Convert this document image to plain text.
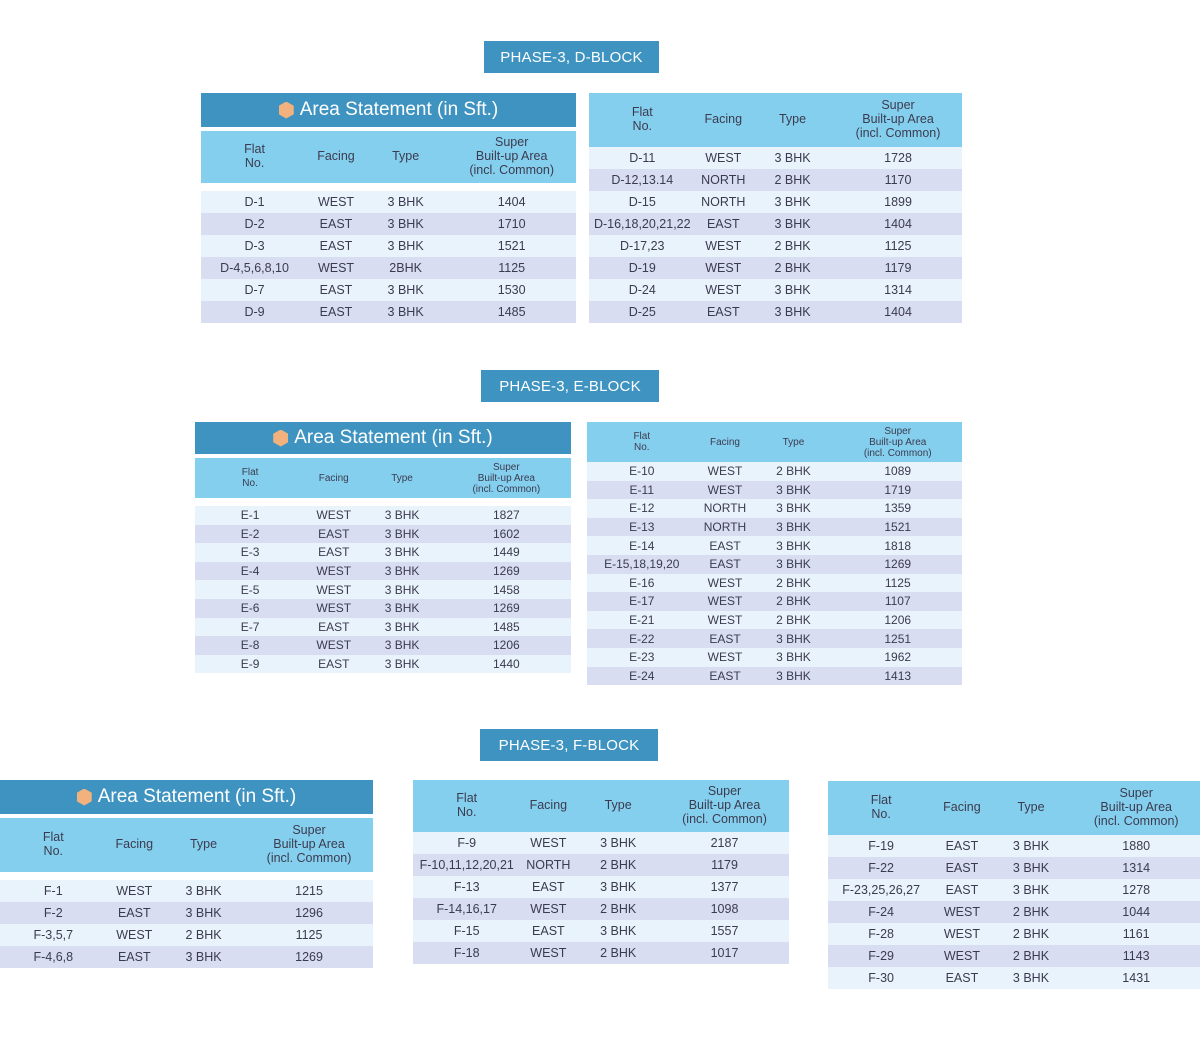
PHASE-3, D-BLOCK
PHASE-3, E-BLOCK
PHASE-3, F-BLOCK
Area Statement (in Sft.)
Flat
No.	Facing	Type
Super
Built-up Area
(incl. Common)
D-1	WEST	3 BHK	1404
D-2	EAST	3 BHK	1710
D-3	EAST	3 BHK	1521
D-4,5,6,8,10	WEST	2BHK	1125
D-7	EAST	3 BHK	1530
D-9	EAST	3 BHK	1485
Flat
No.	Facing	Type
Super
Built-up Area
(incl. Common)
D-11	WEST	3 BHK	1728
D-12,13.14	NORTH	2 BHK	1170
D-15	NORTH	3 BHK	1899
D-16,18,20,21,22	EAST	3 BHK	1404
D-17,23	WEST	2 BHK	1125
D-19	WEST	2 BHK	1179
D-24	WEST	3 BHK	1314
D-25	EAST	3 BHK	1404
Area Statement (in Sft.)
Flat
No.	Facing	Type
Super
Built-up Area
(incl. Common)
E-1	WEST	3 BHK	1827
E-2	EAST	3 BHK	1602
E-3	EAST	3 BHK	1449
E-4	WEST	3 BHK	1269
E-5	WEST	3 BHK	1458
E-6	WEST	3 BHK	1269
E-7	EAST	3 BHK	1485
E-8	WEST	3 BHK	1206
E-9	EAST	3 BHK	1440
Flat
No.	Facing	Type
Super
Built-up Area
(incl. Common)
E-10	WEST	2 BHK	1089
E-11	WEST	3 BHK	1719
E-12	NORTH	3 BHK	1359
E-13	NORTH	3 BHK	1521
E-14	EAST	3 BHK	1818
E-15,18,19,20	EAST	3 BHK	1269
E-16	WEST	2 BHK	1125
E-17	WEST	2 BHK	1107
E-21	WEST	2 BHK	1206
E-22	EAST	3 BHK	1251
E-23	WEST	3 BHK	1962
E-24	EAST	3 BHK	1413
Area Statement (in Sft.)
Flat
No.	Facing	Type
Super
Built-up Area
(incl. Common)
F-1	WEST	3 BHK	1215
F-2	EAST	3 BHK	1296
F-3,5,7	WEST	2 BHK	1125
F-4,6,8	EAST	3 BHK	1269
Flat
No.	Facing	Type
Super
Built-up Area
(incl. Common)
F-9	WEST	3 BHK	2187
F-10,11,12,20,21 NORTH	2 BHK	1179
F-13	EAST	3 BHK	1377
F-14,16,17	WEST	2 BHK	1098
F-15	EAST	3 BHK	1557
F-18	WEST	2 BHK	1017
Flat
No.	Facing	Type
Super
Built-up Area
(incl. Common)
F-19	EAST	3 BHK	1880
F-22	EAST	3 BHK	1314
F-23,25,26,27	EAST	3 BHK	1278
F-24	WEST	2 BHK	1044
F-28	WEST	2 BHK	1161
F-29	WEST	2 BHK	1143
F-30	EAST	3 BHK	1431
